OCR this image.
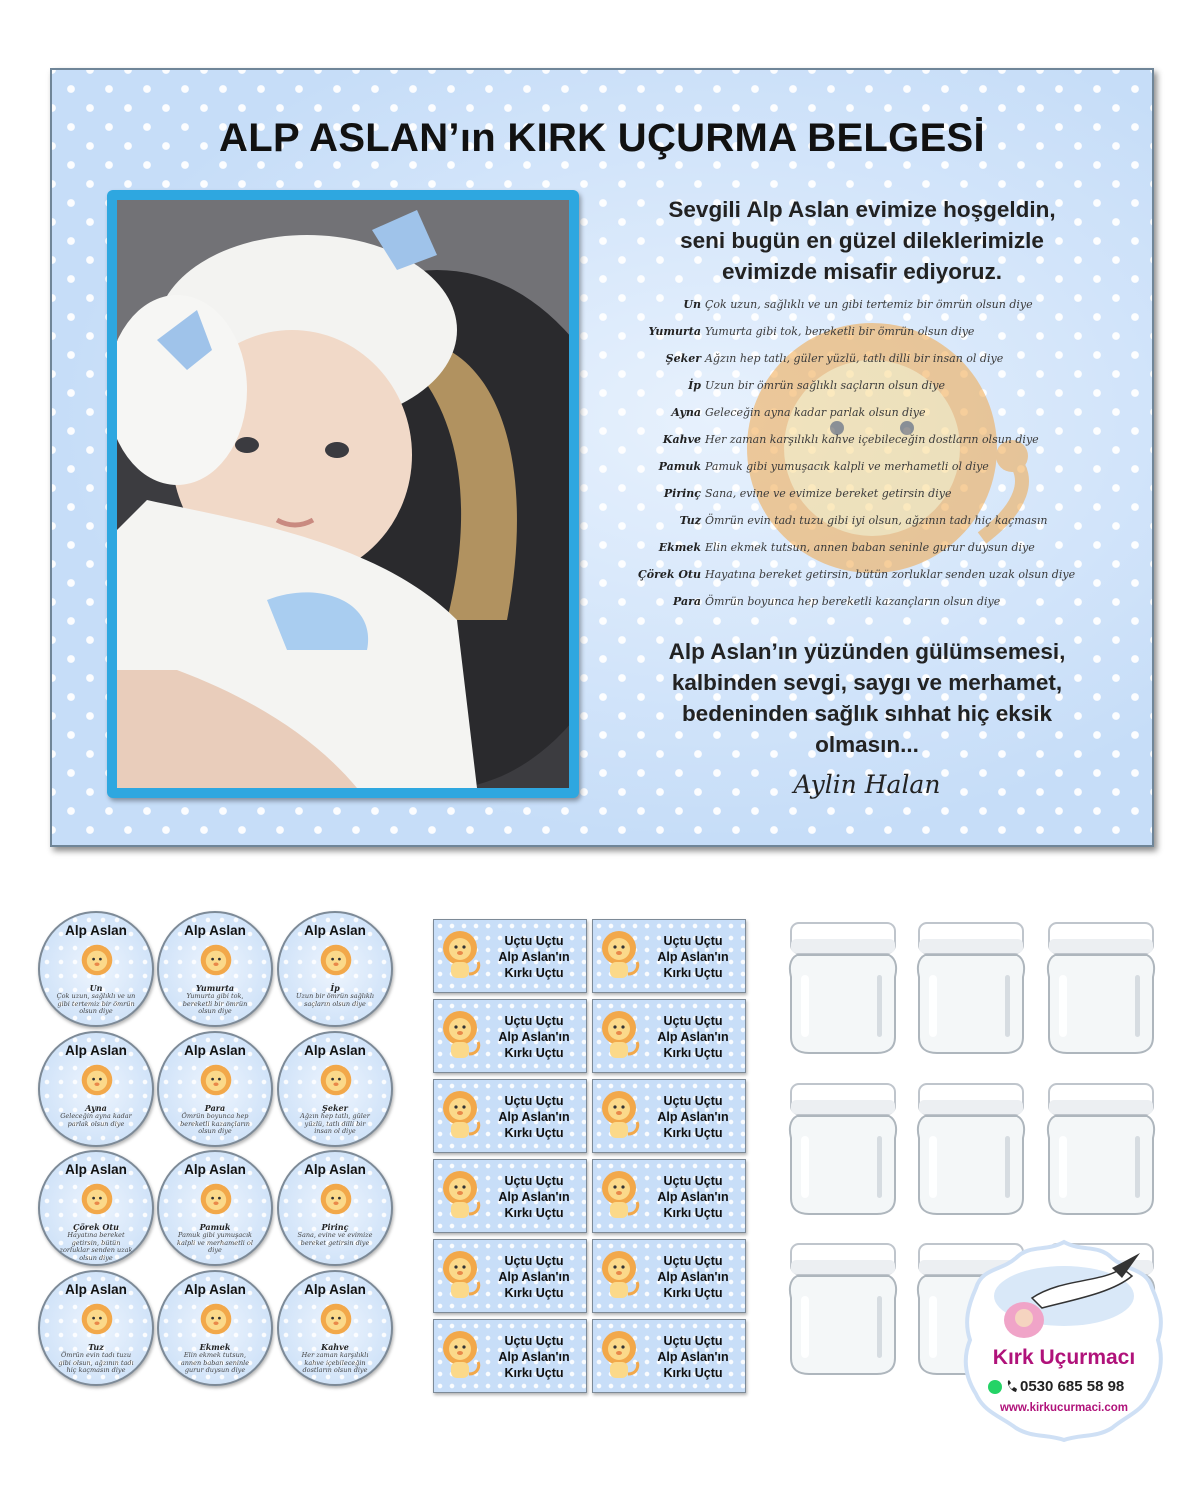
ALP ASLAN’ın KIRK UÇURMA BELGESİ
Sevgili Alp Aslan evimize hoşgeldin,
seni bugün en güzel dileklerimizle
evimizde misafir ediyoruz.
Un Çok uzun, sağlıklı ve un gibi tertemiz bir ömrün olsun diye
Yumurta Yumurta gibi tok, bereketli bir ömrün olsun diye
Şeker Ağzın hep tatlı, güler yüzlü, tatlı dilli bir insan ol diye
İp Uzun bir ömrün sağlıklı saçların olsun diye
Ayna Geleceğin ayna kadar parlak olsun diye
Kahve Her zaman karşılıklı kahve içebileceğin dostların olsun diye
Pamuk Pamuk gibi yumuşacık kalpli ve merhametli ol diye
Pirinç Sana, evine ve evimize bereket getirsin diye
Tuz Ömrün evin tadı tuzu gibi iyi olsun, ağzının tadı hiç kaçmasın
Ekmek Elin ekmek tutsun, annen baban seninle gurur duysun diye
Çörek Otu Hayatına bereket getirsin, bütün zorluklar senden uzak olsun diye
Para Ömrün boyunca hep bereketli kazançların olsun diye
Alp Aslan’ın yüzünden gülümsemesi,
kalbinden sevgi, saygı ve merhamet,
bedeninden sağlık sıhhat hiç eksik
olmasın...
Aylin Halan
Alp Aslan
Un
Çok uzun, sağlıklı ve un gibi tertemiz bir ömrün olsun diye
Alp Aslan
Yumurta
Yumurta gibi tok, bereketli bir ömrün olsun diye
Alp Aslan
İp
Uzun bir ömrün sağlıklı saçların olsun diye
Alp Aslan
Ayna
Geleceğin ayna kadar parlak olsun diye
Alp Aslan
Para
Ömrün boyunca hep bereketli kazançların olsun diye
Alp Aslan
Şeker
Ağzın hep tatlı, güler yüzlü, tatlı dilli bir insan ol diye
Alp Aslan
Çörek Otu
Hayatına bereket getirsin, bütün zorluklar senden uzak olsun diye
Alp Aslan
Pamuk
Pamuk gibi yumuşacık kalpli ve merhametli ol diye
Alp Aslan
Pirinç
Sana, evine ve evimize bereket getirsin diye
Alp Aslan
Tuz
Ömrün evin tadı tuzu gibi olsun, ağzının tadı hiç kaçmasın diye
Alp Aslan
Ekmek
Elin ekmek tutsun, annen baban seninle gurur duysun diye
Alp Aslan
Kahve
Her zaman karşılıklı kahve içebileceğin dostların olsun diye
Uçtu Uçtu
Alp Aslan'ın
Kırkı Uçtu
Uçtu Uçtu
Alp Aslan'ın
Kırkı Uçtu
Uçtu Uçtu
Alp Aslan'ın
Kırkı Uçtu
Uçtu Uçtu
Alp Aslan'ın
Kırkı Uçtu
Uçtu Uçtu
Alp Aslan'ın
Kırkı Uçtu
Uçtu Uçtu
Alp Aslan'ın
Kırkı Uçtu
Uçtu Uçtu
Alp Aslan'ın
Kırkı Uçtu
Uçtu Uçtu
Alp Aslan'ın
Kırkı Uçtu
Uçtu Uçtu
Alp Aslan'ın
Kırkı Uçtu
Uçtu Uçtu
Alp Aslan'ın
Kırkı Uçtu
Uçtu Uçtu
Alp Aslan'ın
Kırkı Uçtu
Uçtu Uçtu
Alp Aslan'ın
Kırkı Uçtu
Kırk Uçurmacı
0530 685 58 98
www.kirkucurmaci.com
